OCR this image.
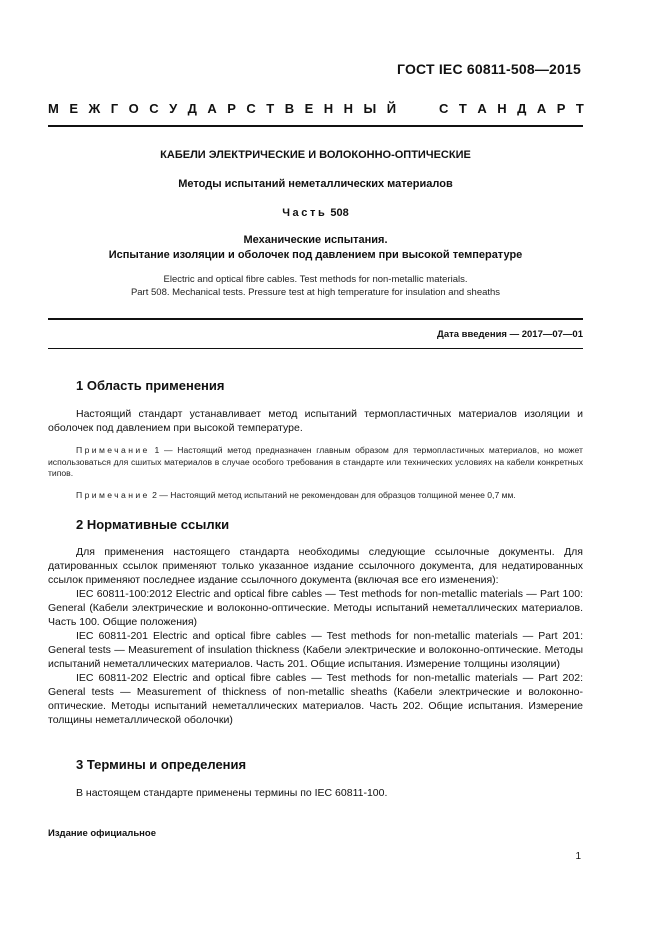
ГОСТ IEC 60811-508—2015
М Е Ж Г О С У Д А Р С Т В Е Н Н Ы Й	С Т А Н Д А Р Т
КАБЕЛИ ЭЛЕКТРИЧЕСКИЕ И ВОЛОКОННО-ОПТИЧЕСКИЕ
Методы испытаний неметаллических материалов
Часть 508
Механические испытания.
Испытание изоляции и оболочек под давлением при высокой температуре
Electric and optical fibre cables. Test methods for non-metallic materials.
Part 508. Mechanical tests. Pressure test at high temperature for insulation and sheaths
Дата введения — 2017—07—01
1 Область применения

Настоящий стандарт устанавливает метод испытаний термопластичных материалов изоляции и оболочек под давлением при высокой температуре.

Примечание 1 — Настоящий метод предназначен главным образом для термопластичных материалов, но может использоваться для сшитых материалов в случае особого требования в стандарте или технических условиях на кабели конкретных типов.

Примечание 2 — Настоящий метод испытаний не рекомендован для образцов толщиной менее 0,7 мм.

2 Нормативные ссылки

Для применения настоящего стандарта необходимы следующие ссылочные документы. Для датированных ссылок применяют только указанное издание ссылочного документа, для недатированных ссылок применяют последнее издание ссылочного документа (включая все его изменения):

IEC 60811-100:2012 Electric and optical fibre cables — Test methods for non-metallic materials — Part 100: General (Кабели электрические и волоконно-оптические. Методы испытаний неметаллических материалов. Часть 100. Общие положения)

IEC 60811-201 Electric and optical fibre cables — Test methods for non-metallic materials — Part 201: General tests — Measurement of insulation thickness (Кабели электрические и волоконно-оптические. Методы испытаний неметаллических материалов. Часть 201. Общие испытания. Измерение толщины изоляции)

IEC 60811-202 Electric and optical fibre cables — Test methods for non-metallic materials — Part 202: General tests — Measurement of thickness of non-metallic sheaths (Кабели электрические и волоконно-оптические. Методы испытаний неметаллических материалов. Часть 202. Общие испытания. Измерение толщины неметаллической оболочки)

3 Термины и определения

В настоящем стандарте применены термины по IEC 60811-100.

Издание официальное
1
